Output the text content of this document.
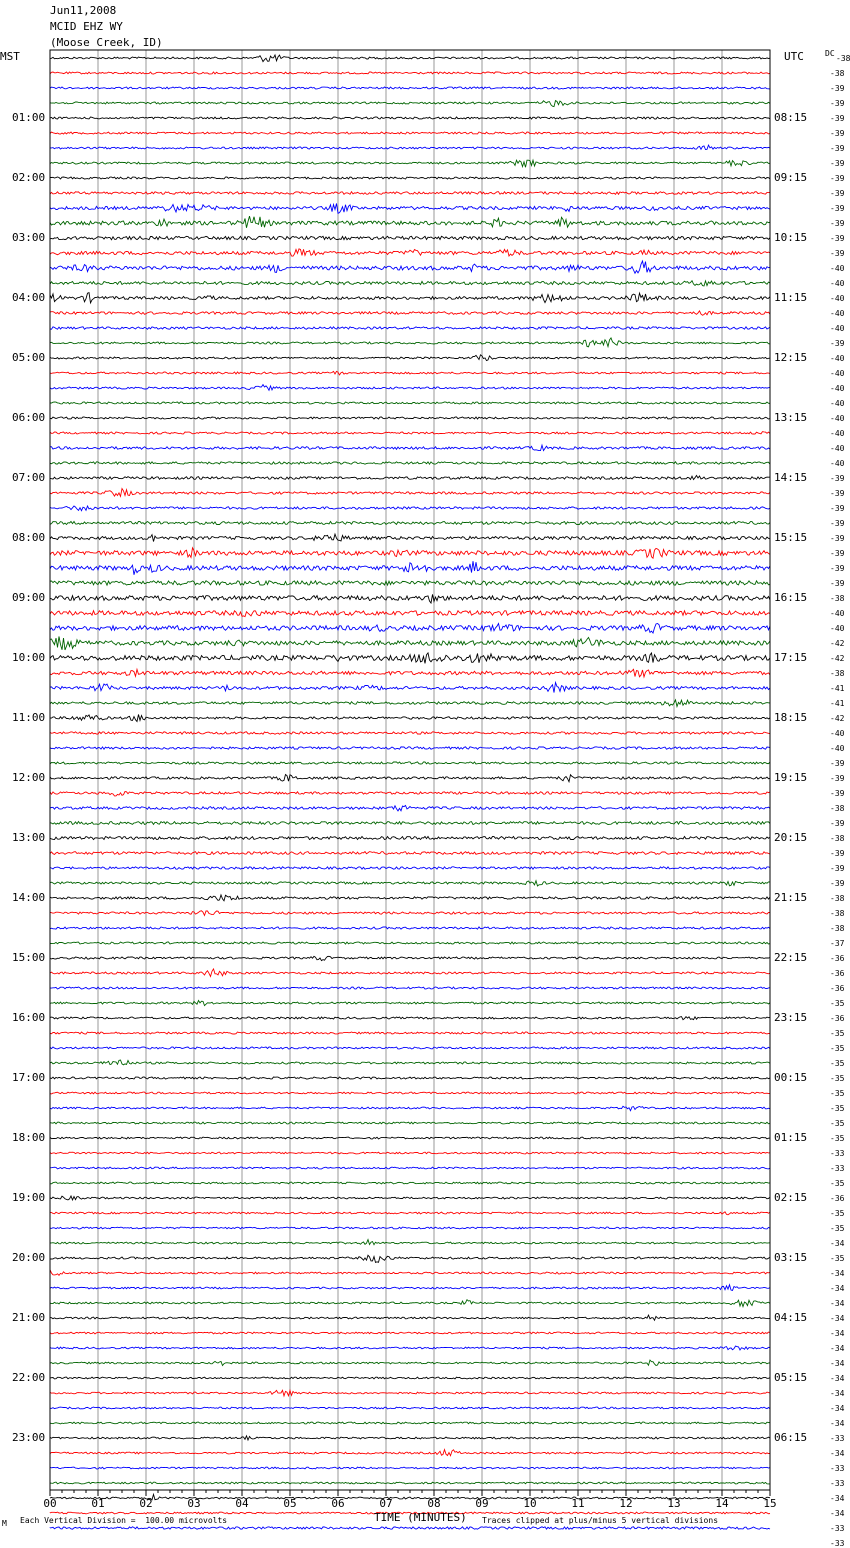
00	01	02	03	04	05	06	07	08	09	10	11	12	13	14	15
Jun11,2008
MCID EHZ WY
(Moose Creek, ID)
MST	UTC	DC
01:00
02:00
03:00
04:00
05:00
06:00
07:00
08:00
09:00
10:00
11:00
12:00
13:00
14:00
15:00
16:00
17:00
18:00
19:00
20:00
21:00
22:00
23:00
08:15
09:15
10:15
11:15
12:15
13:15
14:15
15:15
16:15
17:15
18:15
19:15
20:15
21:15
22:15
23:15
00:15
01:15
02:15
03:15
04:15
05:15
06:15
-38
-38
-39
-39
-39
-39
-39
-39
-39
-39
-39
-39
-39
-39
-40
-40
-40
-40
-40
-39
-40
-40
-40
-40
-40
-40
-40
-40
-39
-39
-39
-39
-39
-39
-39
-39
-38
-40
-40
-42
-42
-38
-41
-41
-42
-40
-40
-39
-39
-39
-38
-39
-38
-39
-39
-39
-38
-38
-38
-37
-36
-36
-36
-35
-36
-35
-35
-35
-35
-35
-35
-35
-35
-33
-33
-35
-36
-35
-35
-34
-35
-34
-34
-34
-34
-34
-34
-34
-34
-34
-34
-34
-33
-34
-33
-33
-34
-34
-33
-33
M Each Vertical Division =  100.00 microvolts	TIME (MINUTES) Traces clipped at plus/minus 5 vertical divisions
